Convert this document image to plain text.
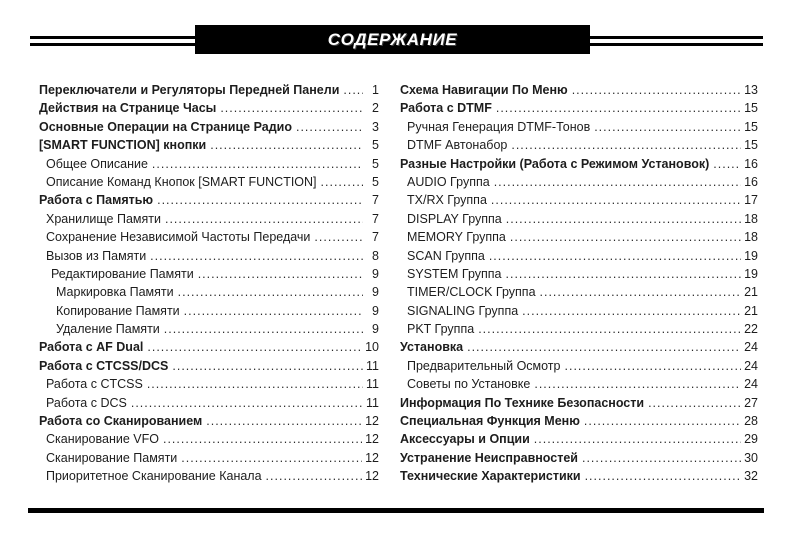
СОДЕРЖАНИЕ
Переключатели и Регуляторы Передней Панели .....	1
Действия на Странице Часы .....	2
Основные Операции на Странице Радио .....	3
[SMART FUNCTION] кнопки .....	5
Общее Описание .....	5
Описание Команд Кнопок [SMART FUNCTION] .....	5
Работа с Памятью .....	7
Хранилище Памяти .....	7
Сохранение Независимой Частоты Передачи .....	7
Вызов из Памяти .....	8
Редактирование Памяти .....	9
Маркировка Памяти .....	9
Копирование Памяти .....	9
Удаление Памяти .....	9
Работа с AF Dual .....	10
Работа с CTCSS/DCS .....	11
Работа с CTCSS .....	11
Работа с DCS .....	11
Работа со Сканированием .....	12
Сканирование VFO .....	12
Сканирование Памяти .....	12
Приоритетное Сканирование Канала .....	12
Схема Навигации По Меню .....	13
Работа с DTMF .....	15
Ручная Генерация DTMF-Тонов .....	15
DTMF Автонабор .....	15
Разные Настройки (Работа с Режимом Установок) .....	16
AUDIO Группа .....	16
TX/RX Группа .....	17
DISPLAY Группа .....	18
MEMORY Группа .....	18
SCAN Группа .....	19
SYSTEM Группа .....	19
TIMER/CLOCK Группа .....	21
SIGNALING Группа .....	21
PKT Группа .....	22
Установка .....	24
Предварительный Осмотр .....	24
Советы по Установке .....	24
Информация По Технике Безопасности .....	27
Специальная Функция Меню .....	28
Аксессуары и Опции .....	29
Устранение Неисправностей .....	30
Технические Характеристики .....	32
